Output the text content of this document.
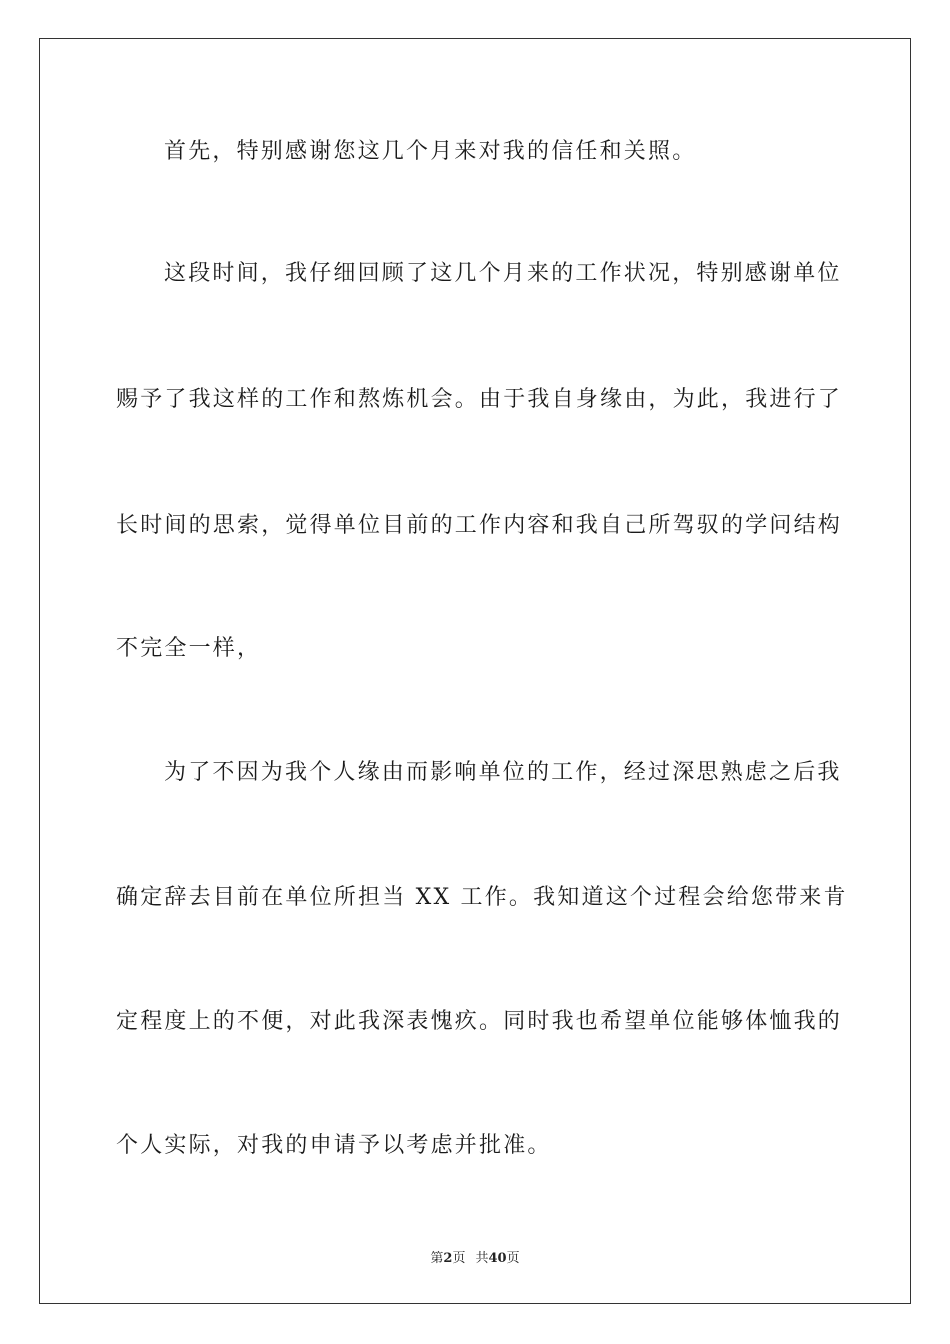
首先，特别感谢您这几个月来对我的信任和关照。
这段时间，我仔细回顾了这几个月来的工作状况，特别感谢单位
赐予了我这样的工作和熬炼机会。由于我自身缘由，为此，我进行了
长时间的思索，觉得单位目前的工作内容和我自己所驾驭的学问结构
不完全一样，
为了不因为我个人缘由而影响单位的工作，经过深思熟虑之后我
确定辞去目前在单位所担当 XX 工作。我知道这个过程会给您带来肯
定程度上的不便，对此我深表愧疚。同时我也希望单位能够体恤我的
个人实际，对我的申请予以考虑并批准。
第2页 共40页
